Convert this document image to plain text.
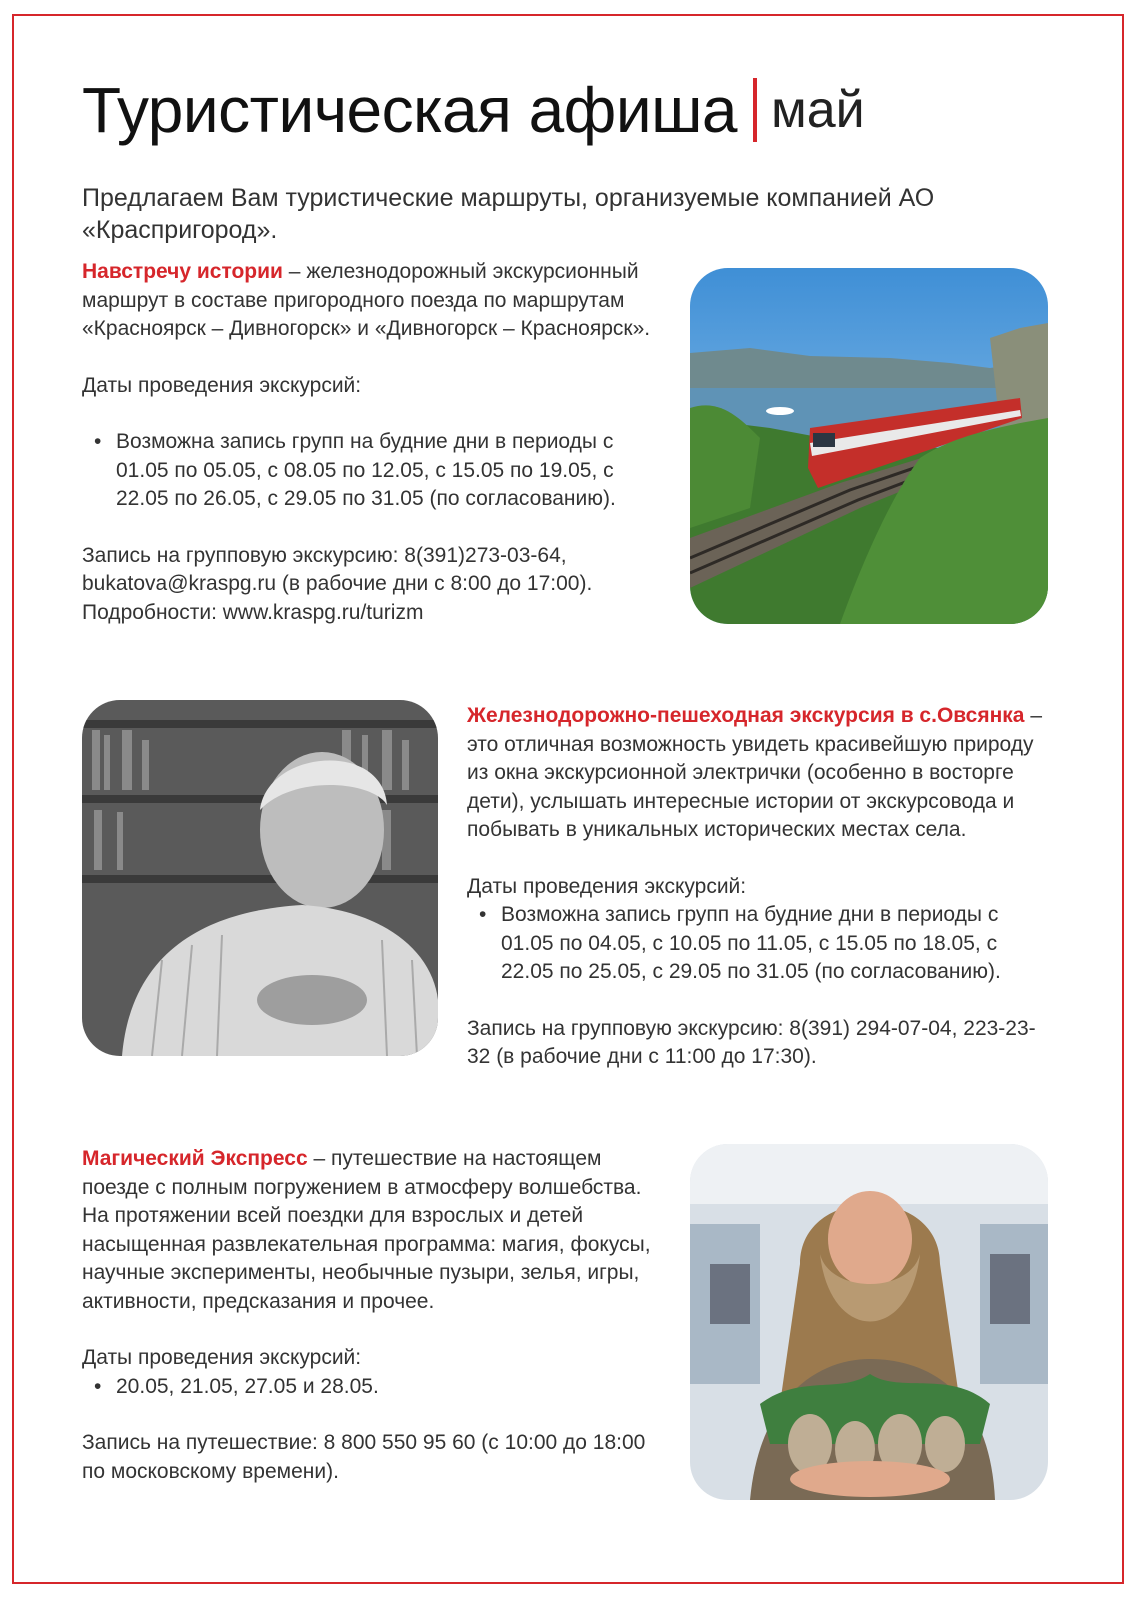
Туристическая афиша май
Предлагаем Вам туристические маршруты, организуемые компанией АО «Краспригород».

Навстречу истории – железнодорожный экскурсионный маршрут в составе пригородного поезда по маршрутам «Красноярск – Дивногорск» и «Дивногорск – Красноярск».

Даты проведения экскурсий:

• Возможна запись групп на будние дни в периоды с 01.05 по 05.05, с 08.05 по 12.05, с 15.05 по 19.05, с 22.05 по 26.05, с 29.05 по 31.05 (по согласованию).

Запись на групповую экскурсию: 8(391)273-03-64, bukatova@kraspg.ru (в рабочие дни с 8:00 до 17:00). Подробности: www.kraspg.ru/turizm

Железнодорожно-пешеходная экскурсия в с.Овсянка – это отличная возможность увидеть красивейшую природу из окна экскурсионной электрички (особенно в восторге дети), услышать интересные истории от экскурсовода и побывать в уникальных исторических местах села.

Даты проведения экскурсий:

• Возможна запись групп на будние дни в периоды с 01.05 по 04.05, с 10.05 по 11.05, с 15.05 по 18.05, с 22.05 по 25.05, с 29.05 по 31.05 (по согласованию).

Запись на групповую экскурсию: 8(391) 294-07-04, 223-23-32 (в рабочие дни с 11:00 до 17:30).

Магический Экспресс – путешествие на настоящем поезде с полным погружением в атмосферу волшебства. На протяжении всей поездки для взрослых и детей насыщенная развлекательная программа: магия, фокусы, научные эксперименты, необычные пузыри, зелья, игры, активности, предсказания и прочее.

Даты проведения экскурсий:

• 20.05, 21.05, 27.05 и 28.05.

Запись на путешествие: 8 800 550 95 60 (с 10:00 до 18:00 по московскому времени).
